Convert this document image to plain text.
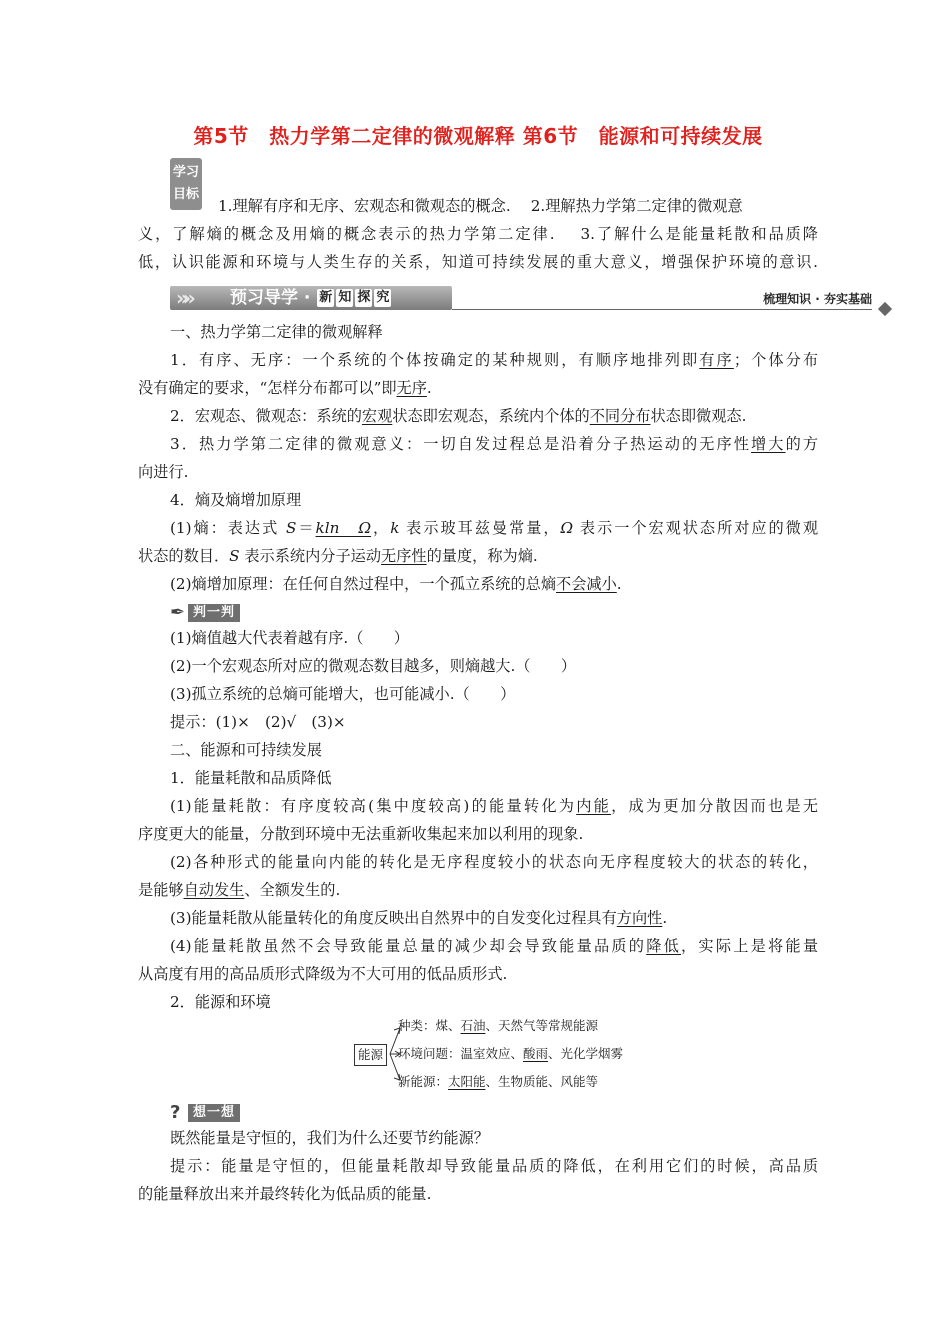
第5节　热力学第二定律的微观解释 第6节　能源和可持续发展
学习
目标
1.理解有序和无序、宏观态和微观态的概念.　 2.理解热力学第二定律的微观意
义，了解熵的概念及用熵的概念表示的热力学第二定律.　 3.了解什么是能量耗散和品质降
低，认识能源和环境与人类生存的关系，知道可持续发展的重大意义，增强保护环境的意识.
»» 预习导学 · 新 知 探 究	梳理知识 · 夯实基础
一、热力学第二定律的微观解释
1．有序、无序：一个系统的个体按确定的某种规则，有顺序地排列即有序；个体分布
没有确定的要求，“怎样分布都可以”即无序.
2．宏观态、微观态：系统的宏观状态即宏观态，系统内个体的不同分布状态即微观态.
3．热力学第二定律的微观意义：一切自发过程总是沿着分子热运动的无序性增大的方
向进行.
4．熵及熵增加原理
(1)熵：表达式 S＝kln　Ω，k 表示玻耳兹曼常量，Ω 表示一个宏观状态所对应的微观
状态的数目．S 表示系统内分子运动无序性的量度，称为熵.
(2)熵增加原理：在任何自然过程中，一个孤立系统的总熵不会减小.
✒ 判一判
(1)熵值越大代表着越有序.（　　）
(2)一个宏观态所对应的微观态数目越多，则熵越大.（　　）
(3)孤立系统的总熵可能增大，也可能减小.（　　）
提示：(1)×　(2)√　(3)×
二、能源和可持续发展
1．能量耗散和品质降低
(1)能量耗散：有序度较高(集中度较高)的能量转化为内能，成为更加分散因而也是无
序度更大的能量，分散到环境中无法重新收集起来加以利用的现象.
(2)各种形式的能量向内能的转化是无序程度较小的状态向无序程度较大的状态的转化，
是能够自动发生、全额发生的.
(3)能量耗散从能量转化的角度反映出自然界中的自发变化过程具有方向性.
(4)能量耗散虽然不会导致能量总量的减少却会导致能量品质的降低，实际上是将能量
从高度有用的高品质形式降级为不大可用的低品质形式.
2．能源和环境
能源
种类：煤、石油、天然气等常规能源
环境问题：温室效应、酸雨、光化学烟雾
新能源：太阳能、生物质能、风能等
? 想一想
既然能量是守恒的，我们为什么还要节约能源？
提示：能量是守恒的，但能量耗散却导致能量品质的降低，在利用它们的时候，高品质
的能量释放出来并最终转化为低品质的能量.
